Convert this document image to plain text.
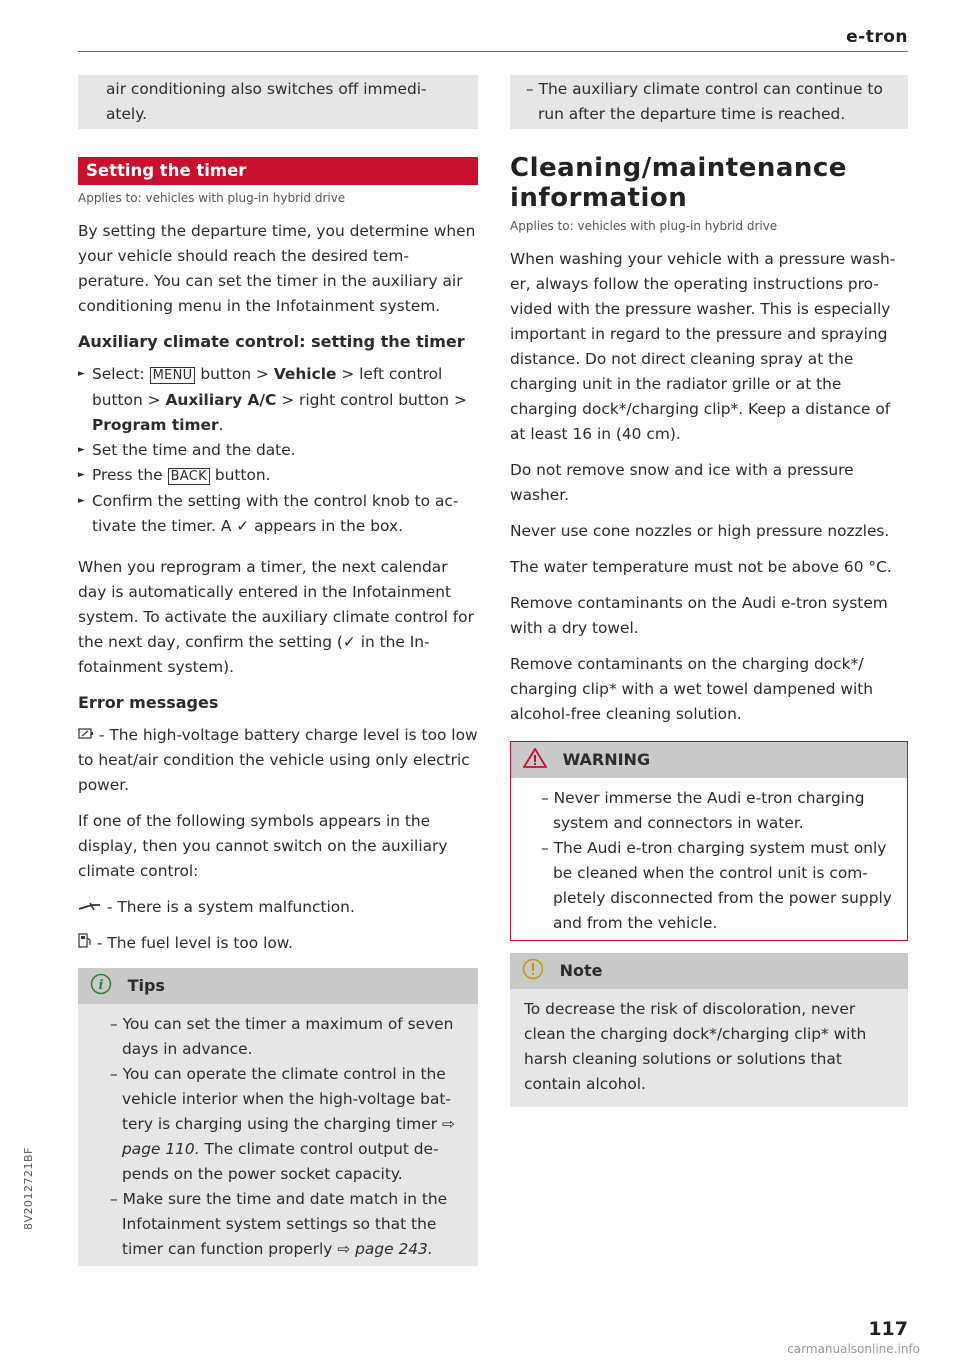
e-tron
air conditioning also switches off immedi-ately.
Setting the timer
Applies to: vehicles with plug-in hybrid drive

By setting the departure time, you determine when your vehicle should reach the desired tem-perature. You can set the timer in the auxiliary air conditioning menu in the Infotainment system.

Auxiliary climate control: setting the timer
► Select: MENU button > Vehicle > left control button > Auxiliary A/C > right control button > Program timer.
► Set the time and the date.
► Press the BACK button.
► Confirm the setting with the control knob to ac-tivate the timer. A ✓ appears in the box.

When you reprogram a timer, the next calendar day is automatically entered in the Infotainment system. To activate the auxiliary climate control for the next day, confirm the setting (✓ in the In-fotainment system).

Error messages

- The high-voltage battery charge level is too low to heat/air condition the vehicle using only electric power.

If one of the following symbols appears in the display, then you cannot switch on the auxiliary climate control:

- There is a system malfunction.

- The fuel level is too low.

i Tips
– You can set the timer a maximum of seven days in advance.
– You can operate the climate control in the vehicle interior when the high-voltage bat-tery is charging using the charging timer ⇨ page 110. The climate control output de-pends on the power socket capacity.
– Make sure the time and date match in the Infotainment system settings so that the timer can function properly ⇨ page 243.
– The auxiliary climate control can continue to run after the departure time is reached.
Cleaning/maintenance information
Applies to: vehicles with plug-in hybrid drive

When washing your vehicle with a pressure wash-er, always follow the operating instructions pro-vided with the pressure washer. This is especially important in regard to the pressure and spraying distance. Do not direct cleaning spray at the charging unit in the radiator grille or at the charging dock*/charging clip*. Keep a distance of at least 16 in (40 cm).

Do not remove snow and ice with a pressure washer.

Never use cone nozzles or high pressure nozzles.

The water temperature must not be above 60 °C.

Remove contaminants on the Audi e-tron system with a dry towel.

Remove contaminants on the charging dock*/ charging clip* with a wet towel dampened with alcohol-free cleaning solution.

WARNING
– Never immerse the Audi e-tron charging system and connectors in water.
– The Audi e-tron charging system must only be cleaned when the control unit is com-pletely disconnected from the power supply and from the vehicle.
Note
To decrease the risk of discoloration, never clean the charging dock*/charging clip* with harsh cleaning solutions or solutions that contain alcohol.
8V2012721BF
117
carmanualsonline.info
